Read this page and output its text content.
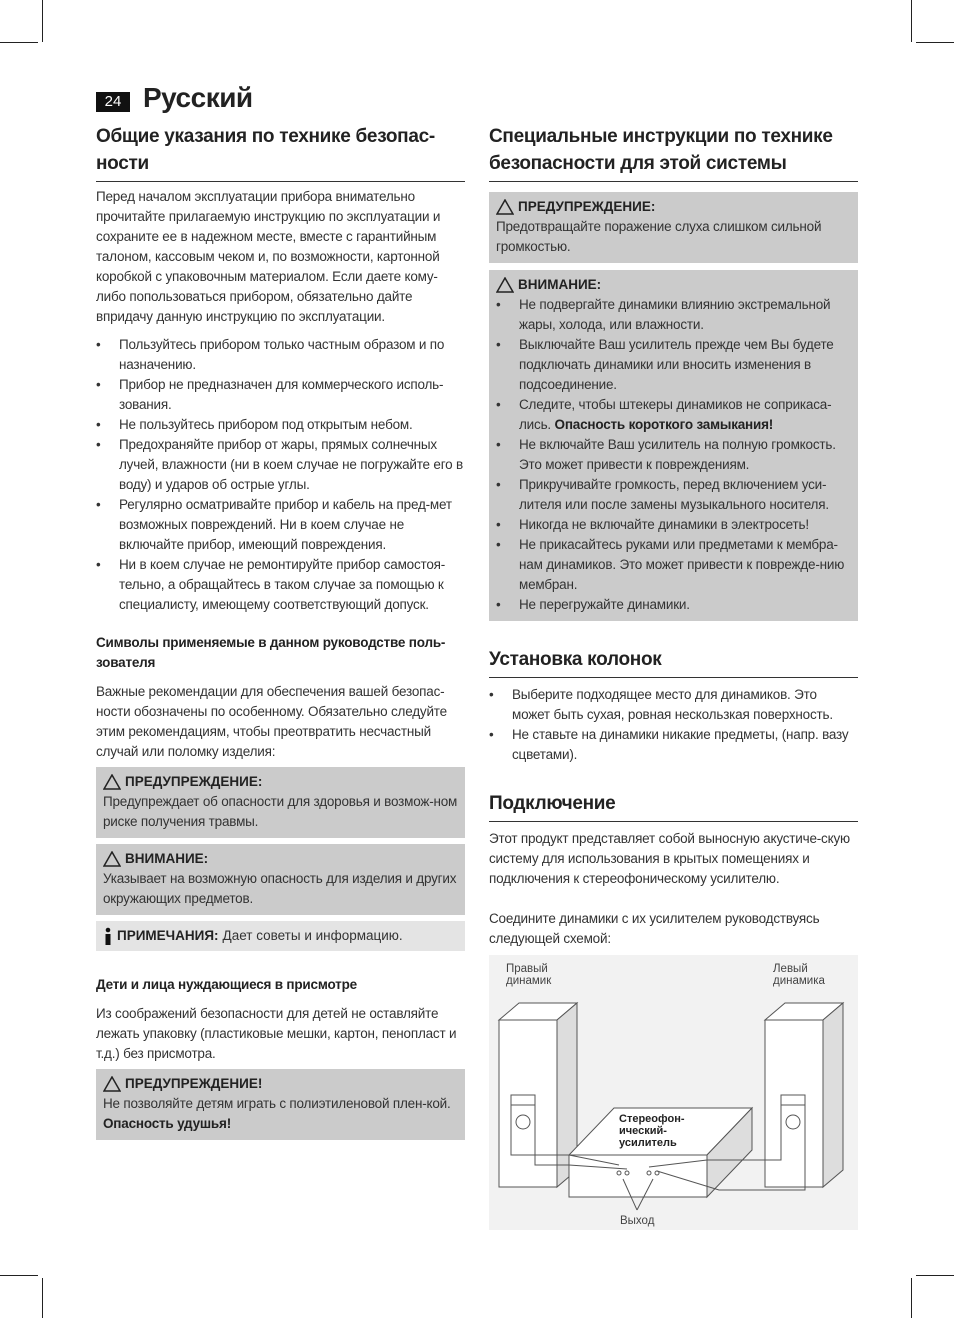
24 Русский
Общие указания по технике безопас-ности

Перед началом эксплуатации прибора внимательно прочитайте прилагаемую инструкцию по эксплуатации и сохраните ее в надежном месте, вместе с гарантийным талоном, кассовым чеком и, по возможности, картонной коробкой с упаковочным материалом. Если даете кому-либо попользоваться прибором, обязательно дайте впридачу данную инструкцию по эксплуатации.

• Пользуйтесь прибором только частным образом и по назначению.
• Прибор не предназначен для коммерческого исполь-зования.
• Не пользуйтесь прибором под открытым небом.
• Предохраняйте прибор от жары, прямых солнечных лучей, влажности (ни в коем случае не погружайте его в воду) и ударов об острые углы.
• Регулярно осматривайте прибор и кабель на пред-мет возможных повреждений. Ни в коем случае не включайте прибор, имеющий повреждения.
• Ни в коем случае не ремонтируйте прибор самостоя-тельно, а обращайтесь в таком случае за помощью к специалисту, имеющему соответствующий допуск.
Символы применяемые в данном руководстве поль-зователя

Важные рекомендации для обеспечения вашей безопас-ности обозначены по особенному. Обязательно следуйте этим рекомендациям, чтобы преотвратить несчастный случай или поломку изделия:

ПРЕДУПРЕЖДЕНИЕ:

Предупреждает об опасности для здоровья и возмож-ном риске получения травмы.

ВНИМАНИЕ:

Указывает на возможную опасность для изделия и других окружающих предметов.

ПРИМЕЧАНИЯ: Дает советы и информацию.
Дети и лица нуждающиеся в присмотре

Из соображений безопасности для детей не оставляйте лежать упаковку (пластиковые мешки, картон, пенопласт и т.д.) без присмотра.

ПРЕДУПРЕЖДЕНИЕ!

Не позволяйте детям играть с полиэтиленовой плен-кой. Опасность удушья!

Специальные инструкции по технике безопасности для этой системы
ПРЕДУПРЕЖДЕНИЕ:

Предотвращайте поражение слуха слишком сильной громкостью.

ВНИМАНИЕ:
• Не подвергайте динамики влиянию экстремальной жары, холода, или влажности.
• Выключайте Ваш усилитель прежде чем Вы будете подключать динамики или вносить изменения в подсоединение.
• Следите, чтобы штекеры динамиков не соприкаса-лись. Опасность короткого замыкания!
• Не включайте Ваш усилитель на полную громкость. Это может привести к повреждениям.
• Прикручивайте громкость, перед включением уси-лителя или после замены музыкального носителя.
• Никогда не включайте динамики в электросеть!
• Не прикасайтесь руками или предметами к мембра-нам динамиков. Это может привести к поврежде-нию мембран.
• Не перегружайте динамики.
Установка колонок
• Выберите подходящее место для динамиков. Это может быть сухая, ровная нескользкая поверхность.
• Не ставьте на динамики никакие предметы, (напр. вазу сцветами).
Подключение

Этот продукт представляет собой выносную акустиче-скую систему для использования в крытых помещениях и подключения к стереофоническому усилителю.

Соедините динамики с их усилителем руководствуясь следующей схемой:

Правый
динамик
Левый
динамика
Стереофон-
ический-
усилитель
Выход
